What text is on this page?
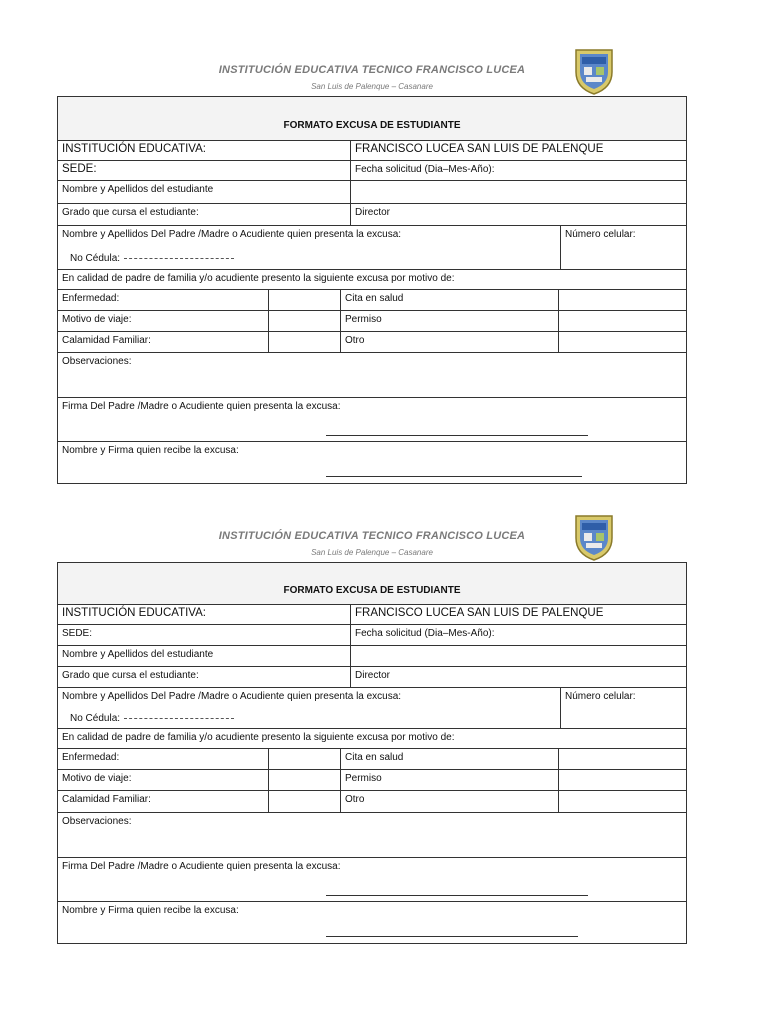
INSTITUCIÓN EDUCATIVA TECNICO FRANCISCO LUCEA
San Luis de Palenque – Casanare
FORMATO EXCUSA DE ESTUDIANTE
INSTITUCIÓN EDUCATIVA:	FRANCISCO LUCEA SAN LUIS DE PALENQUE
SEDE:	Fecha solicitud (Dia–Mes-Año):
Nombre y Apellidos del estudiante
Grado que cursa el estudiante:	Director
Nombre y Apellidos Del Padre /Madre o Acudiente quien presenta la excusa:
No Cédula:
Número celular:
En calidad de padre de familia y/o acudiente presento la siguiente excusa por motivo de:
Enfermedad:	Cita en salud
Motivo de viaje:	Permiso
Calamidad Familiar:	Otro
Observaciones:
Firma Del Padre /Madre o Acudiente quien presenta la excusa:
Nombre y Firma quien recibe la excusa:
INSTITUCIÓN EDUCATIVA TECNICO FRANCISCO LUCEA
San Luis de Palenque – Casanare
FORMATO EXCUSA DE ESTUDIANTE
INSTITUCIÓN EDUCATIVA:	FRANCISCO LUCEA SAN LUIS DE PALENQUE
SEDE:	Fecha solicitud (Dia–Mes-Año):
Nombre y Apellidos del estudiante
Grado que cursa el estudiante:	Director
Nombre y Apellidos Del Padre /Madre o Acudiente quien presenta la excusa:
No Cédula:
Número celular:
En calidad de padre de familia y/o acudiente presento la siguiente excusa por motivo de:
Enfermedad:	Cita en salud
Motivo de viaje:	Permiso
Calamidad Familiar:	Otro
Observaciones:
Firma Del Padre /Madre o Acudiente quien presenta la excusa:
Nombre y Firma quien recibe la excusa:
